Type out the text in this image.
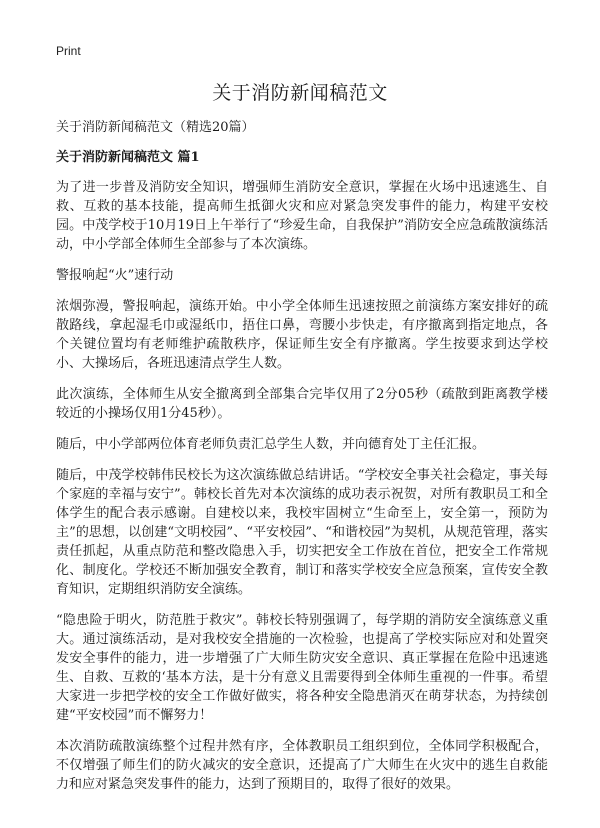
Print
关于消防新闻稿范文

关于消防新闻稿范文（精选20篇）

关于消防新闻稿范文 篇1

为了进一步普及消防安全知识，增强师生消防安全意识，掌握在火场中迅速逃生、自救、互救的基本技能，提高师生抵御火灾和应对紧急突发事件的能力，构建平安校园。中茂学校于10月19日上午举行了“珍爱生命，自我保护”消防安全应急疏散演练活动，中小学部全体师生全部参与了本次演练。

警报响起“火”速行动

浓烟弥漫，警报响起，演练开始。中小学全体师生迅速按照之前演练方案安排好的疏散路线，拿起湿毛巾或湿纸巾，捂住口鼻，弯腰小步快走，有序撤离到指定地点，各个关键位置均有老师维护疏散秩序，保证师生安全有序撤离。学生按要求到达学校小、大操场后，各班迅速清点学生人数。

此次演练，全体师生从安全撤离到全部集合完毕仅用了2分05秒（疏散到距离教学楼较近的小操场仅用1分45秒）。

随后，中小学部两位体育老师负责汇总学生人数，并向德育处丁主任汇报。

随后，中茂学校韩伟民校长为这次演练做总结讲话。“学校安全事关社会稳定，事关每个家庭的幸福与安宁”。韩校长首先对本次演练的成功表示祝贺，对所有教职员工和全体学生的配合表示感谢。自建校以来，我校牢固树立“生命至上，安全第一，预防为主”的思想，以创建“文明校园”、“平安校园”、“和谐校园”为契机，从规范管理，落实责任抓起，从重点防范和整改隐患入手，切实把安全工作放在首位，把安全工作常规化、制度化。学校还不断加强安全教育，制订和落实学校安全应急预案，宣传安全教育知识，定期组织消防安全演练。

“隐患险于明火，防范胜于救灾”。韩校长特别强调了，每学期的消防安全演练意义重大。通过演练活动，是对我校安全措施的一次检验，也提高了学校实际应对和处置突发安全事件的能力，进一步增强了广大师生防灾安全意识、真正掌握在危险中迅速逃生、自救、互救的‘基本方法，是十分有意义且需要得到全体师生重视的一件事。希望大家进一步把学校的安全工作做好做实，将各种安全隐患消灭在萌芽状态，为持续创建“平安校园”而不懈努力！

本次消防疏散演练整个过程井然有序，全体教职员工组织到位，全体同学积极配合，不仅增强了师生们的防火减灾的安全意识，还提高了广大师生在火灾中的逃生自救能力和应对紧急突发事件的能力，达到了预期目的，取得了很好的效果。
